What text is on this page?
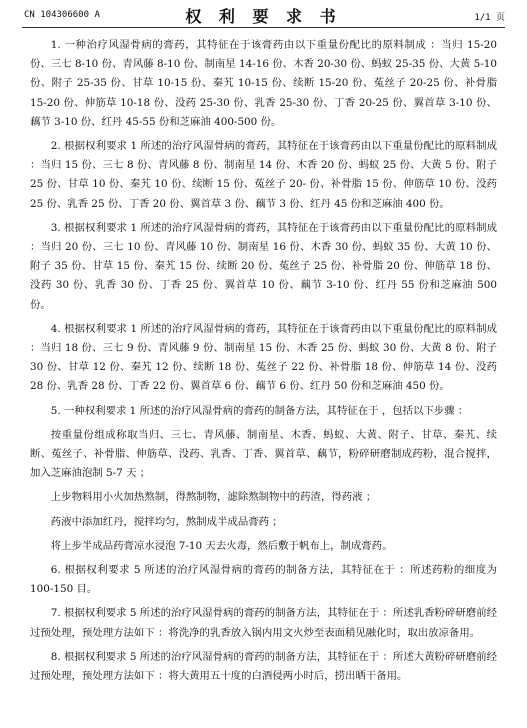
CN 104306600 A	权 利 要 求 书	1/1 页

1. 一种治疗风湿骨病的膏药，其特征在于该膏药由以下重量份配比的原料制成 ：当归 15-20 份、三七 8-10 份、青风藤 8-10 份、制南星 14-16 份、木香 20-30 份、蚂蚁 25-35 份、大黄 5-10 份、附子 25-35 份、甘草 10-15 份、秦艽 10-15 份、续断 15-20 份、菟丝子 20-25 份、补骨脂 15-20 份、伸筋草 10-18 份、没药 25-30 份、乳香 25-30 份、丁香 20-25 份、翼首草 3-10 份、藕节 3-10 份、红丹 45-55 份和芝麻油 400-500 份。

2. 根据权利要求 1 所述的治疗风湿骨病的膏药，其特征在于该膏药由以下重量份配比的原料制成 ：当归 15 份、三七 8 份、青风藤 8 份、制南星 14 份、木香 20 份、蚂蚁 25 份、大黄 5 份、附子 25 份、甘草 10 份、秦艽 10 份、续断 15 份、菟丝子 20- 份、补骨脂 15 份、伸筋草 10 份、没药 25 份、乳香 25 份、丁香 20 份、翼首草 3 份、藕节 3 份、红丹 45 份和芝麻油 400 份。

3. 根据权利要求 1 所述的治疗风湿骨病的膏药，其特征在于该膏药由以下重量份配比的原料制成 ：当归 20 份、三七 10 份、青风藤 10 份、制南星 16 份、木香 30 份、蚂蚁 35 份、大黄 10 份、附子 35 份、甘草 15 份、秦艽 15 份、续断 20 份、菟丝子 25 份、补骨脂 20 份、伸筋草 18 份、没药 30 份、乳香 30 份、丁香 25 份、翼首草 10 份、藕节 3-10 份、红丹 55 份和芝麻油 500 份。

4. 根据权利要求 1 所述的治疗风湿骨病的膏药，其特征在于该膏药由以下重量份配比的原料制成 ：当归 18 份、三七 9 份、青风藤 9 份、制南星 15 份、木香 25 份、蚂蚁 30 份、大黄 8 份、附子 30 份、甘草 12 份、秦艽 12 份、续断 18 份、菟丝子 22 份、补骨脂 18 份、伸筋草 14 份、没药 28 份、乳香 28 份、丁香 22 份、翼首草 6 份、藕节 6 份、红丹 50 份和芝麻油 450 份。

5. 一种权利要求 1 所述的治疗风湿骨病的膏药的制备方法，其特征在于 ，包括以下步骤 ：

按重量份组成称取当归、三七、青风藤、制南星、木香、蚂蚁、大黄、附子、甘草、秦艽、续断、菟丝子、补骨脂、伸筋草、没药、乳香、丁香、翼首草、藕节，粉碎研磨制成药粉，混合搅拌，加入芝麻油泡制 5-7 天 ；

上步物料用小火加热熬制，得熬制物，滤除熬制物中的药渣，得药液 ；

药液中添加红丹，搅拌均匀，熬制成半成品膏药 ；

将上步半成品药膏凉水浸泡 7-10 天去火毒，然后敷于帆布上，制成膏药。

6. 根据权利要求 5 所述的治疗风湿骨病的膏药的制备方法，其特征在于 ：所述药粉的细度为 100-150 目。

7. 根据权利要求 5 所述的治疗风湿骨病的膏药的制备方法，其特征在于 ：所述乳香粉碎研磨前经过预处理，预处理方法如下 ：将洗净的乳香放入锅内用文火炒至表面稍见融化时，取出放凉备用。

8. 根据权利要求 5 所述的治疗风湿骨病的膏药的制备方法，其特征在于 ：所述大黄粉碎研磨前经过预处理，预处理方法如下 ：将大黄用五十度的白酒侵两小时后，捞出晒干备用。
